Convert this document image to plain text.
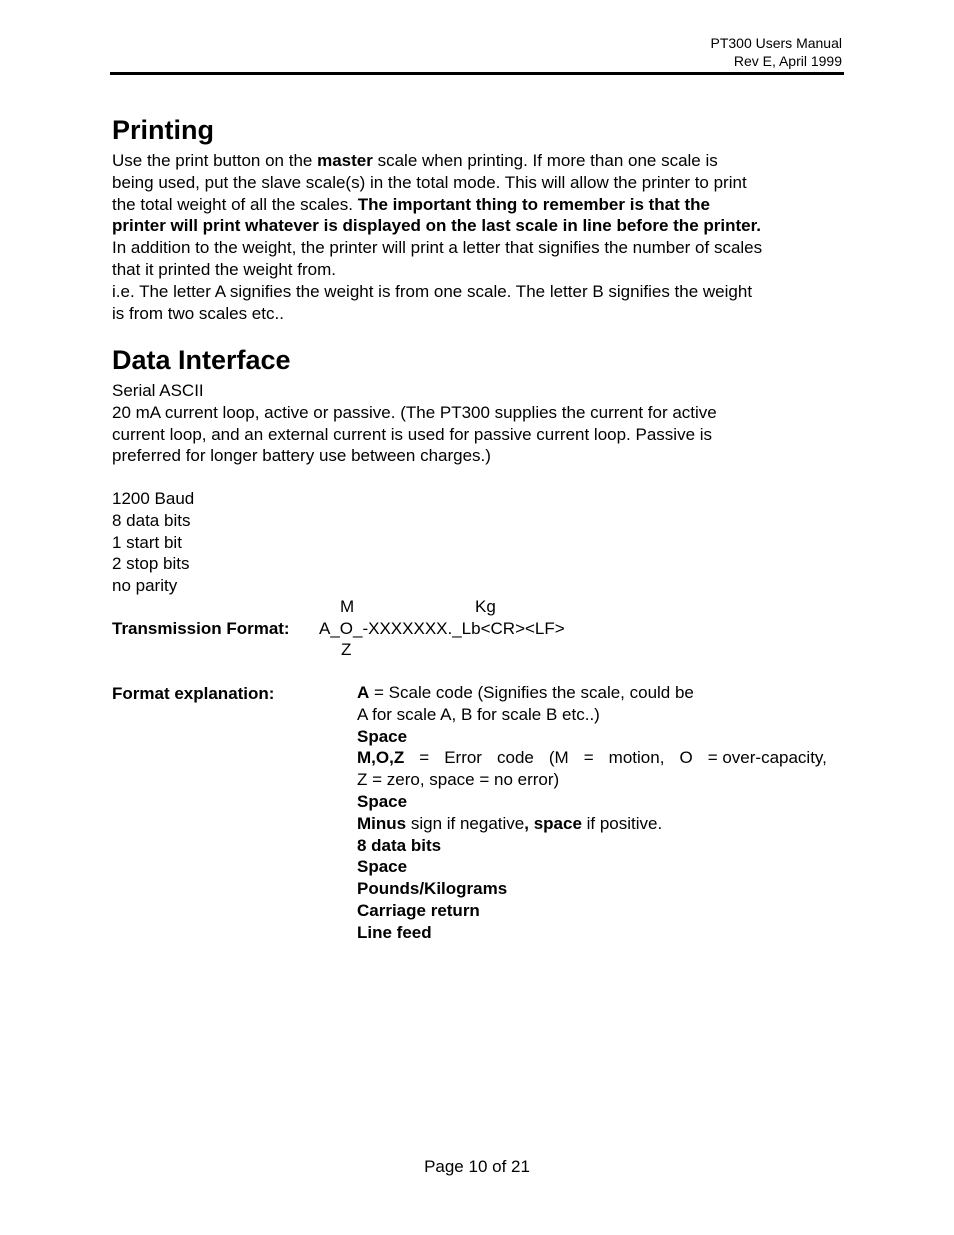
PT300 Users Manual
Rev E, April 1999
Printing
Use the print button on the master scale when printing. If more than one scale is
being used, put the slave scale(s) in the total mode. This will allow the printer to print
the total weight of all the scales. The important thing to remember is that the
printer will print whatever is displayed on the last scale in line before the printer.
In addition to the weight, the printer will print a letter that signifies the number of scales
that it printed the weight from.
i.e. The letter A signifies the weight is from one scale. The letter B signifies the weight
is from two scales etc..
Data Interface
Serial ASCII
20 mA current loop, active or passive. (The PT300 supplies the current for active
current loop, and an external current is used for passive current loop. Passive is
preferred for longer battery use between charges.)
1200 Baud
8 data bits
1 start bit
2 stop bits
no parity
M	Kg
Transmission Format: A_O_-XXXXXXX._Lb<CR><LF>
Z
Format explanation:	A = Scale code (Signifies the scale, could be
A for scale A, B for scale B etc..)
Space
M,O,Z = Error code (M = motion, O = over-capacity,
Z = zero, space = no error)
Space
Minus sign if negative, space if positive.
8 data bits
Space
Pounds/Kilograms
Carriage return
Line feed
Page 10 of 21
